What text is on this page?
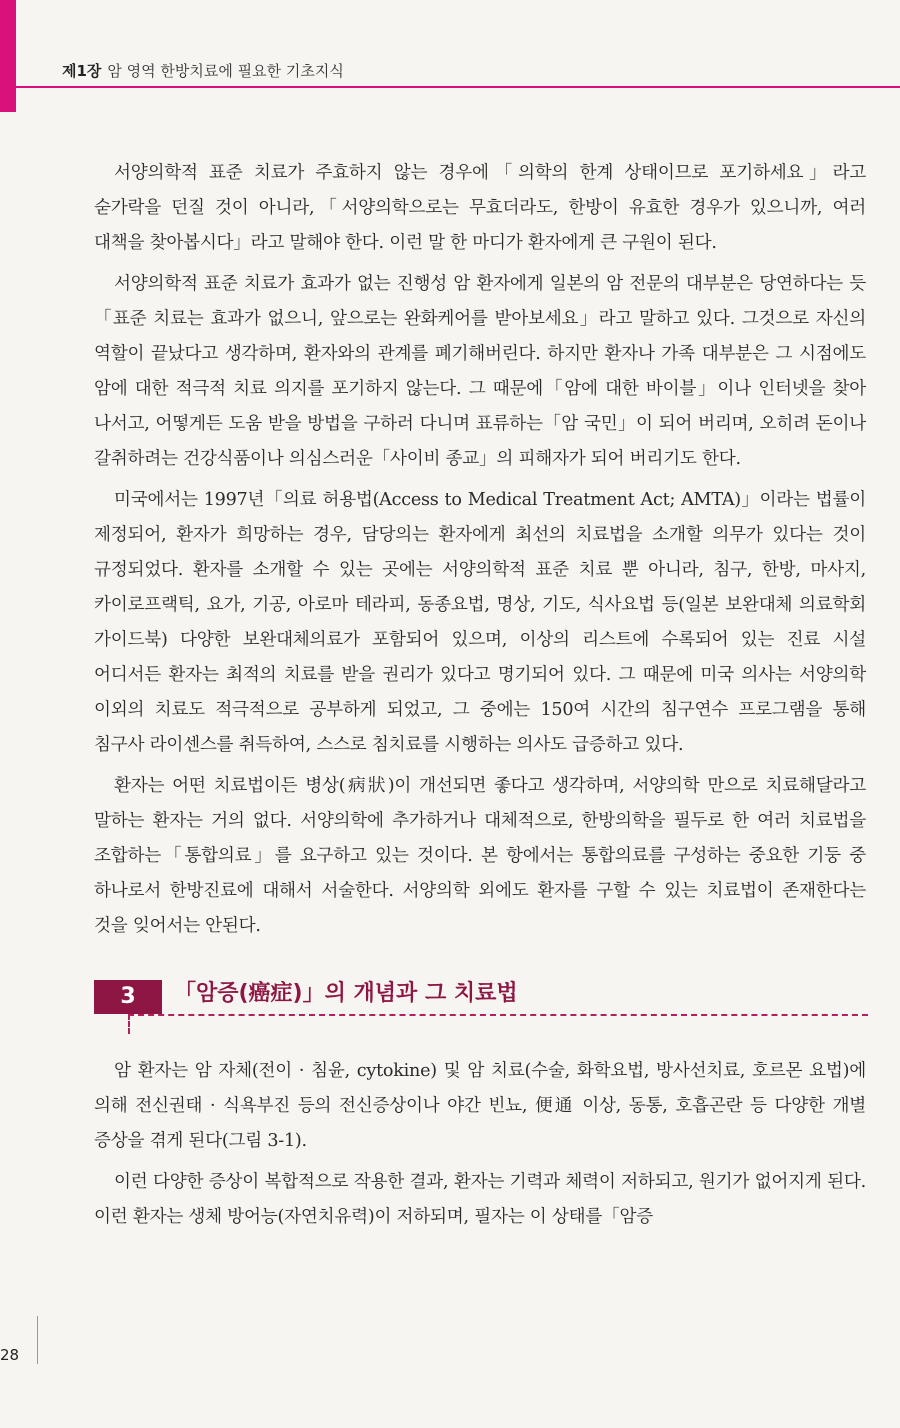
제1장 암 영역 한방치료에 필요한 기초지식

서양의학적 표준 치료가 주효하지 않는 경우에「의학의 한계 상태이므로 포기하세요」라고 숟가락을 던질 것이 아니라,「서양의학으로는 무효더라도, 한방이 유효한 경우가 있으니까, 여러 대책을 찾아봅시다」라고 말해야 한다. 이런 말 한 마디가 환자에게 큰 구원이 된다.

서양의학적 표준 치료가 효과가 없는 진행성 암 환자에게 일본의 암 전문의 대부분은 당연하다는 듯「표준 치료는 효과가 없으니, 앞으로는 완화케어를 받아보세요」라고 말하고 있다. 그것으로 자신의 역할이 끝났다고 생각하며, 환자와의 관계를 폐기해버린다. 하지만 환자나 가족 대부분은 그 시점에도 암에 대한 적극적 치료 의지를 포기하지 않는다. 그 때문에「암에 대한 바이블」이나 인터넷을 찾아 나서고, 어떻게든 도움 받을 방법을 구하러 다니며 표류하는「암 국민」이 되어 버리며, 오히려 돈이나 갈취하려는 건강식품이나 의심스러운「사이비 종교」의 피해자가 되어 버리기도 한다.

미국에서는 1997년「의료 허용법(Access to Medical Treatment Act; AMTA)」이라는 법률이 제정되어, 환자가 희망하는 경우, 담당의는 환자에게 최선의 치료법을 소개할 의무가 있다는 것이 규정되었다. 환자를 소개할 수 있는 곳에는 서양의학적 표준 치료 뿐 아니라, 침구, 한방, 마사지, 카이로프랙틱, 요가, 기공, 아로마 테라피, 동종요법, 명상, 기도, 식사요법 등(일본 보완대체 의료학회 가이드북) 다양한 보완대체의료가 포함되어 있으며, 이상의 리스트에 수록되어 있는 진료 시설 어디서든 환자는 최적의 치료를 받을 권리가 있다고 명기되어 있다. 그 때문에 미국 의사는 서양의학 이외의 치료도 적극적으로 공부하게 되었고, 그 중에는 150여 시간의 침구연수 프로그램을 통해 침구사 라이센스를 취득하여, 스스로 침치료를 시행하는 의사도 급증하고 있다.

환자는 어떤 치료법이든 병상(病狀)이 개선되면 좋다고 생각하며, 서양의학 만으로 치료해달라고 말하는 환자는 거의 없다. 서양의학에 추가하거나 대체적으로, 한방의학을 필두로 한 여러 치료법을 조합하는「통합의료」를 요구하고 있는 것이다. 본 항에서는 통합의료를 구성하는 중요한 기둥 중 하나로서 한방진료에 대해서 서술한다. 서양의학 외에도 환자를 구할 수 있는 치료법이 존재한다는 것을 잊어서는 안된다.

3	「암증(癌症)」의 개념과 그 치료법

암 환자는 암 자체(전이 · 침윤, cytokine) 및 암 치료(수술, 화학요법, 방사선치료, 호르몬 요법)에 의해 전신권태 · 식욕부진 등의 전신증상이나 야간 빈뇨, 便通 이상, 동통, 호흡곤란 등 다양한 개별 증상을 겪게 된다(그림 3-1).

이런 다양한 증상이 복합적으로 작용한 결과, 환자는 기력과 체력이 저하되고, 원기가 없어지게 된다. 이런 환자는 생체 방어능(자연치유력)이 저하되며, 필자는 이 상태를「암증

28
